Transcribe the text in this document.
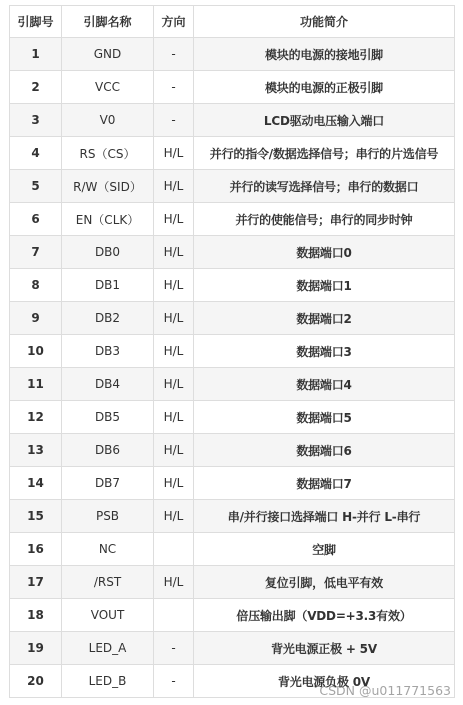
引脚号	引脚名称	方向	功能简介
1	GND	-	模块的电源的接地引脚
2	VCC	-	模块的电源的正极引脚
3	V0	-	LCD驱动电压输入端口
4	RS（CS）	H/L	并行的指令/数据选择信号；串行的片选信号
5	R/W（SID）	H/L	并行的读写选择信号；串行的数据口
6	EN（CLK）	H/L	并行的使能信号；串行的同步时钟
7	DB0	H/L	数据端口0
8	DB1	H/L	数据端口1
9	DB2	H/L	数据端口2
10	DB3	H/L	数据端口3
11	DB4	H/L	数据端口4
12	DB5	H/L	数据端口5
13	DB6	H/L	数据端口6
14	DB7	H/L	数据端口7
15	PSB	H/L	串/并行接口选择端口 H-并行 L-串行
16	NC		空脚
17	/RST	H/L	复位引脚，低电平有效
18	VOUT		倍压输出脚（VDD=+3.3有效）
19	LED_A	-	背光电源正极 + 5V
20	LED_B	-	背光电源负极 0V
CSDN @u011771563
